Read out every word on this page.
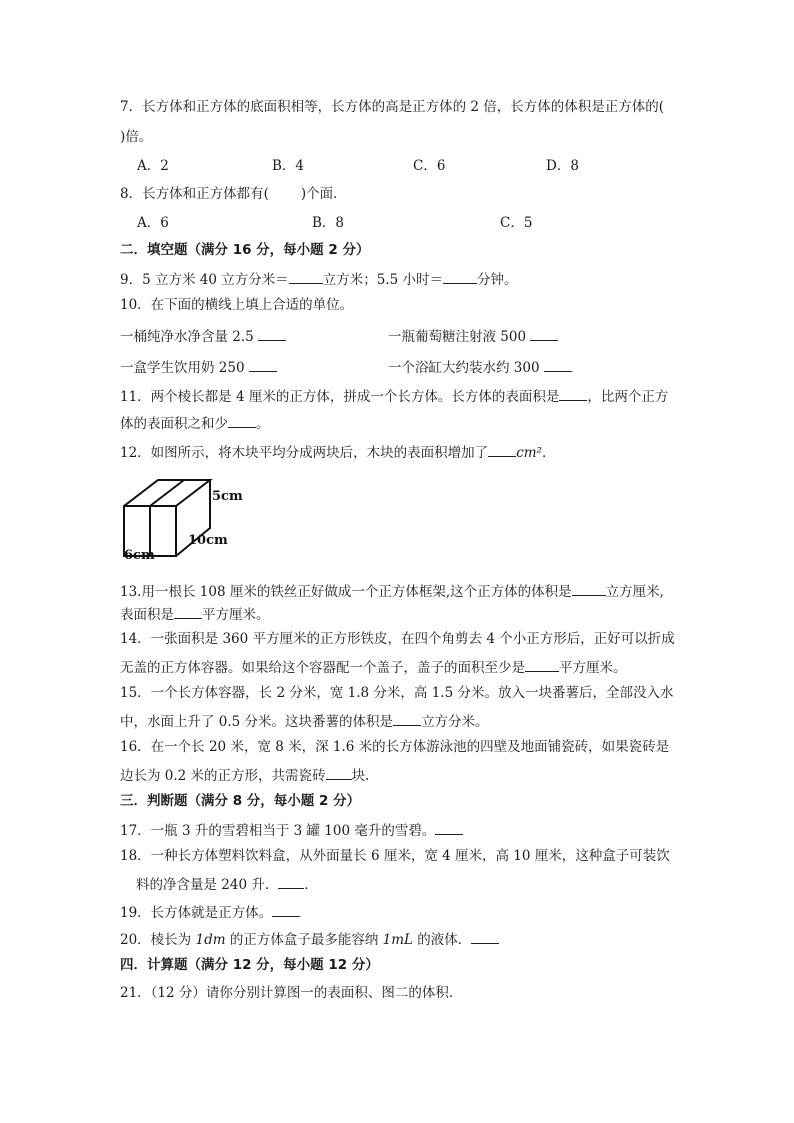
7．长方体和正方体的底面积相等，长方体的高是正方体的 2 倍，长方体的体积是正方体的(
)倍。
A．2	B．4	C．6	D．8
8．长方体和正方体都有( )个面．
A．6	B．8	C．5
二．填空题（满分 16 分，每小题 2 分）
9．5 立方米 40 立方分米＝	立方米；5.5 小时＝	分钟。
10．在下面的横线上填上合适的单位。
一桶纯净水净含量 2.5	一瓶葡萄糖注射液 500
一盒学生饮用奶 250	一个浴缸大约装水约 300
11．两个棱长都是 4 厘米的正方体，拼成一个长方体。长方体的表面积是 ，比两个正方
体的表面积之和少 。
12．如图所示，将木块平均分成两块后，木块的表面积增加了 cm²．
5cm
10cm
6cm
13.用一根长 108 厘米的铁丝正好做成一个正方体框架,这个正方体的体积是	立方厘米,
表面积是 平方厘米。
14．一张面积是 360 平方厘米的正方形铁皮，在四个角剪去 4 个小正方形后，正好可以折成
无盖的正方体容器。如果给这个容器配一个盖子，盖子的面积至少是	平方厘米。
15．一个长方体容器，长 2 分米，宽 1.8 分米，高 1.5 分米。放入一块番薯后，全部没入水
中，水面上升了 0.5 分米。这块番薯的体积是 立方分米。
16．在一个长 20 米，宽 8 米，深 1.6 米的长方体游泳池的四壁及地面铺瓷砖，如果瓷砖是
边长为 0.2 米的正方形，共需瓷砖 块.
三．判断题（满分 8 分，每小题 2 分）
17．一瓶 3 升的雪碧相当于 3 罐 100 毫升的雪碧。
18．一种长方体塑料饮料盒，从外面量长 6 厘米，宽 4 厘米，高 10 厘米，这种盒子可装饮
料的净含量是 240 升． ．
19．长方体就是正方体。
20．棱长为 1dm 的正方体盒子最多能容纳 1mL 的液体．
四．计算题（满分 12 分，每小题 12 分）
21．（12 分）请你分别计算图一的表面积、图二的体积．
